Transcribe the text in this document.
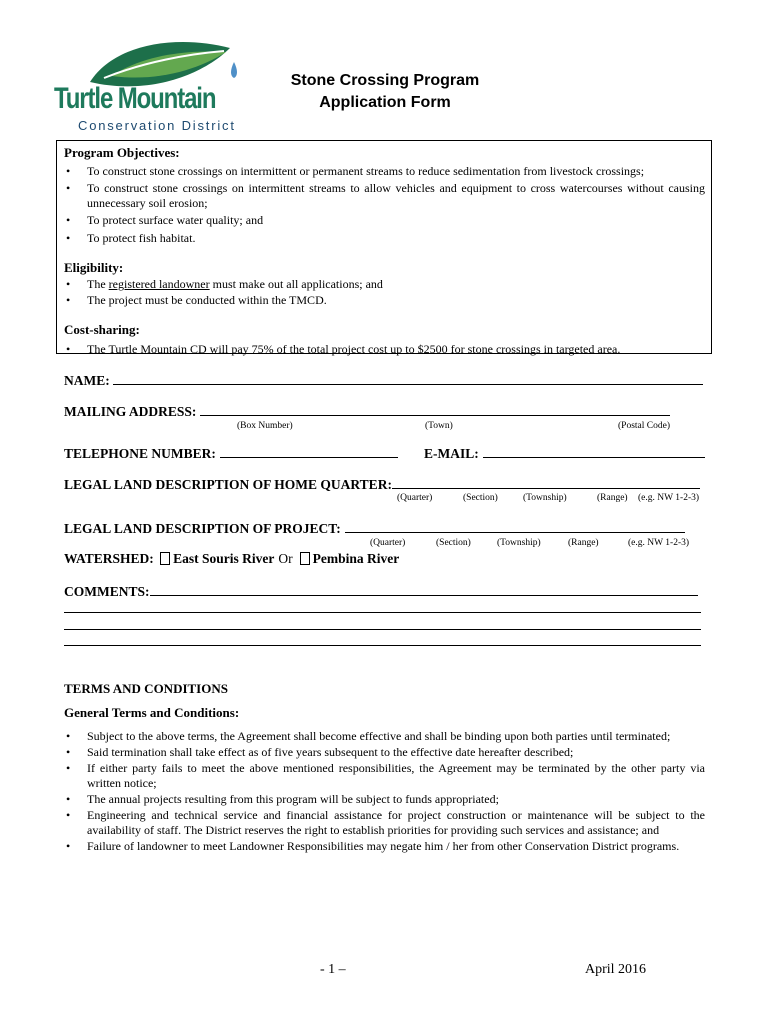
Turtle Mountain
Conservation District
Stone Crossing Program
Application Form
Program Objectives:
• To construct stone crossings on intermittent or permanent streams to reduce sedimentation from livestock crossings;
• To construct stone crossings on intermittent streams to allow vehicles and equipment to cross watercourses without causing unnecessary soil erosion;
• To protect surface water quality; and
• To protect fish habitat.
Eligibility:
• The registered landowner must make out all applications; and
• The project must be conducted within the TMCD.
Cost-sharing:
• The Turtle Mountain CD will pay 75% of the total project cost up to $2500 for stone crossings in targeted area.
NAME:
MAILING ADDRESS:
(Box Number)	(Town)	(Postal Code)
TELEPHONE NUMBER:	E-MAIL:
LEGAL LAND DESCRIPTION OF HOME QUARTER:
(Quarter)	(Section)	(Township)	(Range) (e.g. NW 1-2-3)
LEGAL LAND DESCRIPTION OF PROJECT:
(Quarter)	(Section)	(Township)	(Range)	(e.g. NW 1-2-3)
WATERSHED: East Souris River Or Pembina River
COMMENTS:
TERMS AND CONDITIONS
General Terms and Conditions:
• Subject to the above terms, the Agreement shall become effective and shall be binding upon both parties until terminated;
• Said termination shall take effect as of five years subsequent to the effective date hereafter described;
• If either party fails to meet the above mentioned responsibilities, the Agreement may be terminated by the other party via written notice;
• The annual projects resulting from this program will be subject to funds appropriated;
• Engineering and technical service and financial assistance for project construction or maintenance will be subject to the availability of staff. The District reserves the right to establish priorities for providing such services and assistance; and
• Failure of landowner to meet Landowner Responsibilities may negate him / her from other Conservation District programs.
- 1 –	April 2016
